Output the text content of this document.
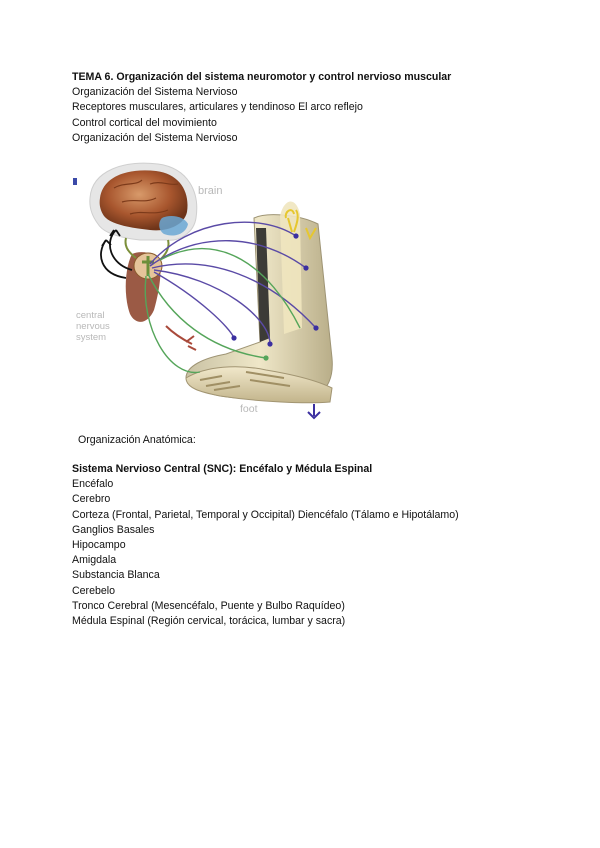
TEMA 6. Organización del sistema neuromotor y control nervioso muscular
Organización del Sistema Nervioso
Receptores musculares, articulares y tendinoso El arco reflejo
Control cortical del movimiento
Organización del Sistema Nervioso
brain
central
nervous
system
foot
Organización Anatómica:
Sistema Nervioso Central (SNC): Encéfalo y Médula Espinal
Encéfalo
Cerebro
Corteza (Frontal, Parietal, Temporal y Occipital) Diencéfalo (Tálamo e Hipotálamo)
Ganglios Basales
Hipocampo
Amigdala
Substancia Blanca
Cerebelo
Tronco Cerebral (Mesencéfalo, Puente y Bulbo Raquídeo)
Médula Espinal (Región cervical, torácica, lumbar y sacra)
